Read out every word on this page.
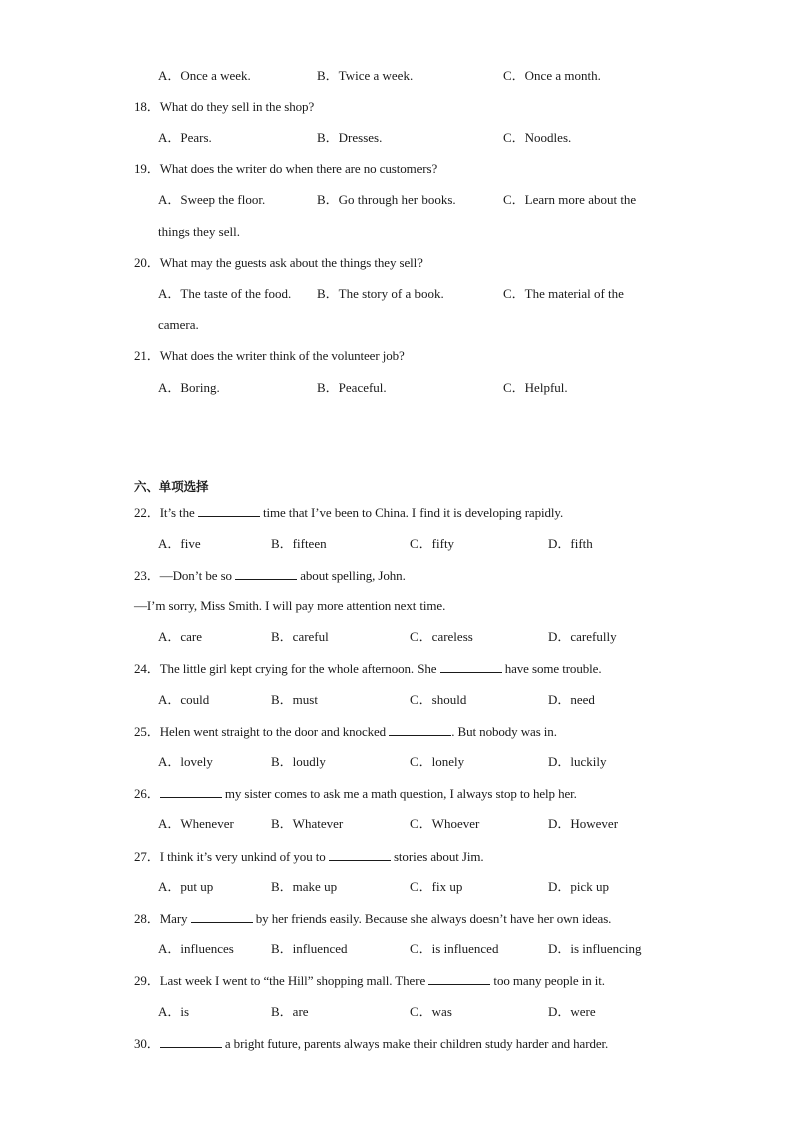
A．Once a week.	B．Twice a week.	C．Once a month.
18．What do they sell in the shop?
A．Pears.	B．Dresses.	C．Noodles.
19．What does the writer do when there are no customers?
A．Sweep the floor.	B．Go through her books.	C．Learn more about the
things they sell.
20．What may the guests ask about the things they sell?
A．The taste of the food. B．The story of a book.	C．The material of the
camera.
21．What does the writer think of the volunteer job?
A．Boring.	B．Peaceful.	C．Helpful.
六、单项选择
22．It’s the	time that I’ve been to China. I find it is developing rapidly.
A．five	B．fifteen	C．fifty	D．fifth
23．—Don’t be so	about spelling, John.
—I’m sorry, Miss Smith. I will pay more attention next time.
A．care	B．careful	C．careless	D．carefully
24．The little girl kept crying for the whole afternoon. She	have some trouble.
A．could	B．must	C．should	D．need
25．Helen went straight to the door and knocked	. But nobody was in.
A．lovely	B．loudly	C．lonely	D．luckily
26．	my sister comes to ask me a math question, I always stop to help her.
A．Whenever	B．Whatever	C．Whoever	D．However
27．I think it’s very unkind of you to	stories about Jim.
A．put up	B．make up	C．fix up	D．pick up
28．Mary	by her friends easily. Because she always doesn’t have her own ideas.
A．influences	B．influenced	C．is influenced	D．is influencing
29．Last week I went to “the Hill” shopping mall. There	too many people in it.
A．is	B．are	C．was	D．were
30．	a bright future, parents always make their children study harder and harder.
